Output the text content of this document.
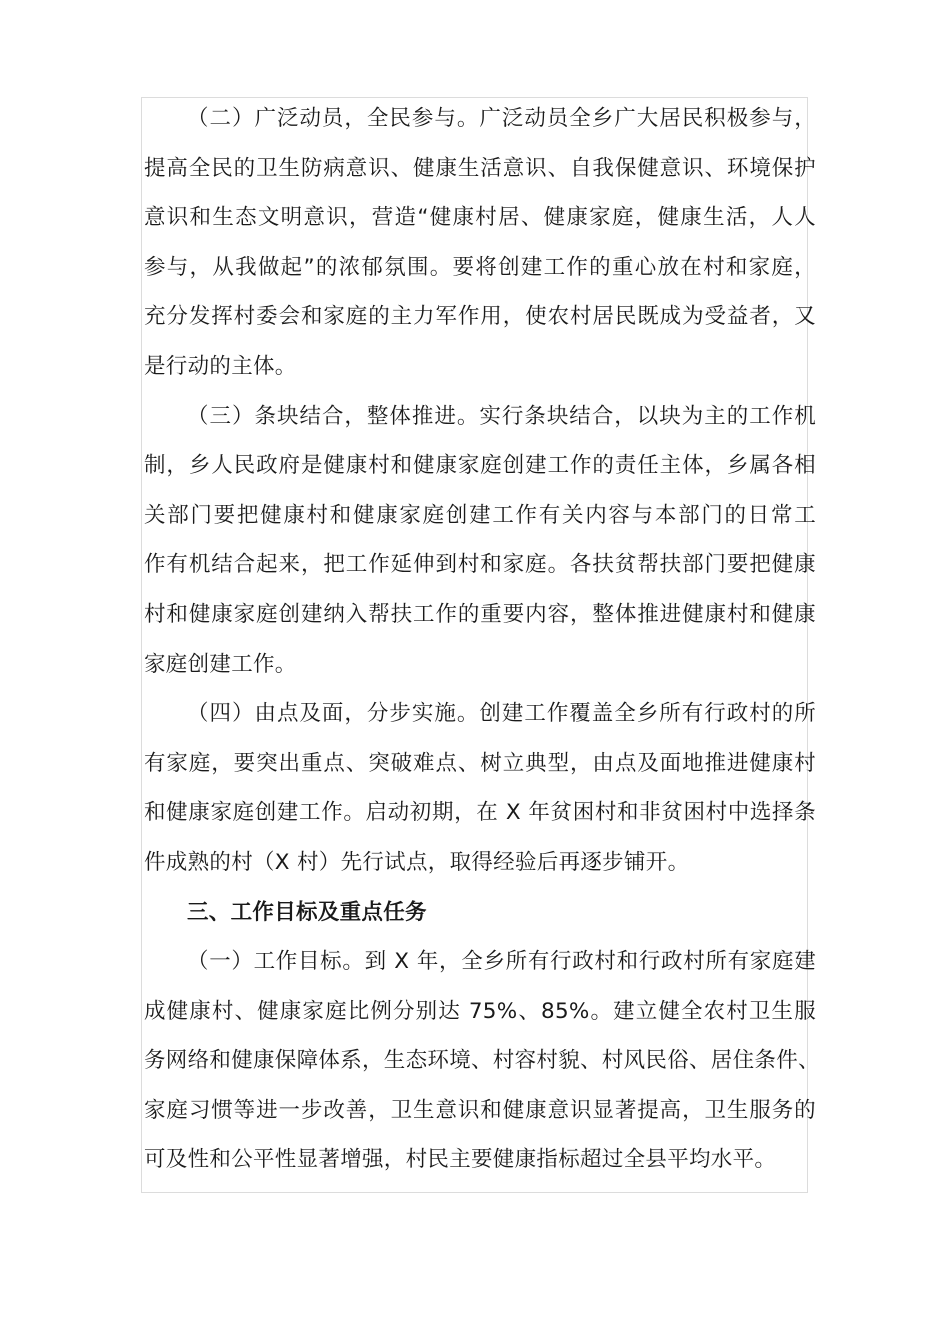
（二）广泛动员，全民参与。广泛动员全乡广大居民积极参与，
提高全民的卫生防病意识、健康生活意识、自我保健意识、环境保护
意识和生态文明意识，营造“健康村居、健康家庭，健康生活，人人
参与，从我做起”的浓郁氛围。要将创建工作的重心放在村和家庭，
充分发挥村委会和家庭的主力军作用，使农村居民既成为受益者，又
是行动的主体。
（三）条块结合，整体推进。实行条块结合，以块为主的工作机
制，乡人民政府是健康村和健康家庭创建工作的责任主体，乡属各相
关部门要把健康村和健康家庭创建工作有关内容与本部门的日常工
作有机结合起来，把工作延伸到村和家庭。各扶贫帮扶部门要把健康
村和健康家庭创建纳入帮扶工作的重要内容，整体推进健康村和健康
家庭创建工作。
（四）由点及面，分步实施。创建工作覆盖全乡所有行政村的所
有家庭，要突出重点、突破难点、树立典型，由点及面地推进健康村
和健康家庭创建工作。启动初期，在 X 年贫困村和非贫困村中选择条
件成熟的村（X 村）先行试点，取得经验后再逐步铺开。
三、工作目标及重点任务
（一）工作目标。到 X 年，全乡所有行政村和行政村所有家庭建
成健康村、健康家庭比例分别达 75%、85%。建立健全农村卫生服
务网络和健康保障体系，生态环境、村容村貌、村风民俗、居住条件、
家庭习惯等进一步改善，卫生意识和健康意识显著提高，卫生服务的
可及性和公平性显著增强，村民主要健康指标超过全县平均水平。
